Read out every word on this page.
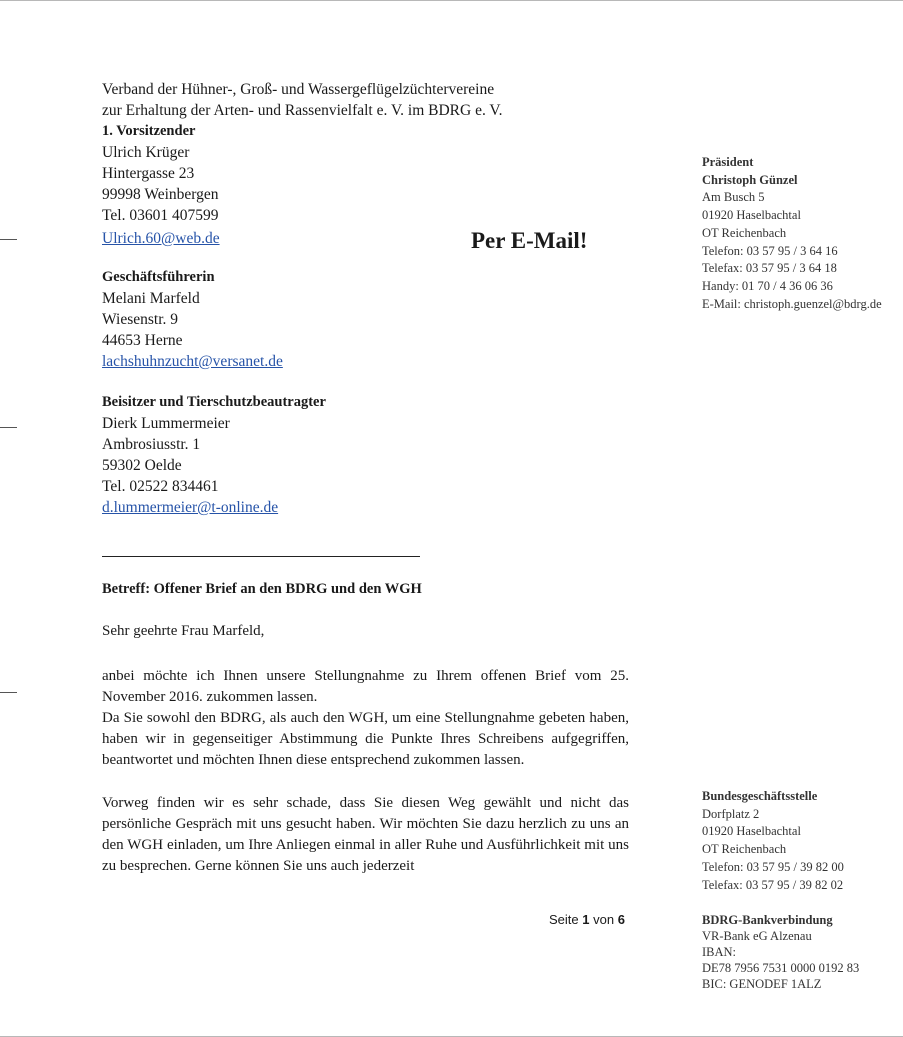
Verband der Hühner-, Groß- und Wassergeflügelzüchtervereine
zur Erhaltung der Arten- und Rassenvielfalt e. V. im BDRG e. V.
1. Vorsitzender
Ulrich Krüger
Hintergasse 23
99998 Weinbergen
Tel. 03601 407599
Ulrich.60@web.de
Geschäftsführerin
Melani Marfeld
Wiesenstr. 9
44653 Herne
lachshuhnzucht@versanet.de
Beisitzer und Tierschutzbeautragter
Dierk Lummermeier
Ambrosiusstr. 1
59302 Oelde
Tel. 02522 834461
d.lummermeier@t-online.de
Per E-Mail!
Präsident
Christoph Günzel
Am Busch 5
01920 Haselbachtal
OT Reichenbach
Telefon: 03 57 95 / 3 64 16
Telefax: 03 57 95 / 3 64 18
Handy: 01 70 / 4 36 06 36
E-Mail: christoph.guenzel@bdrg.de
Betreff: Offener Brief an den BDRG und den WGH
Sehr geehrte Frau Marfeld,

anbei möchte ich Ihnen unsere Stellungnahme zu Ihrem offenen Brief vom 25. November 2016. zukommen lassen.

Da Sie sowohl den BDRG, als auch den WGH, um eine Stellungnahme gebeten haben, haben wir in gegenseitiger Abstimmung die Punkte Ihres Schreibens aufgegriffen, beantwortet und möchten Ihnen diese entsprechend zukommen lassen.

Vorweg finden wir es sehr schade, dass Sie diesen Weg gewählt und nicht das persönliche Gespräch mit uns gesucht haben. Wir möchten Sie dazu herzlich zu uns an den WGH einladen, um Ihre Anliegen einmal in aller Ruhe und Ausführlichkeit mit uns zu besprechen. Gerne können Sie uns auch jederzeit

Bundesgeschäftsstelle
Dorfplatz 2
01920 Haselbachtal
OT Reichenbach
Telefon: 03 57 95 / 39 82 00
Telefax: 03 57 95 / 39 82 02
Seite 1 von 6	BDRG-Bankverbindung
VR-Bank eG Alzenau
IBAN:
DE78 7956 7531 0000 0192 83
BIC: GENODEF 1ALZ
